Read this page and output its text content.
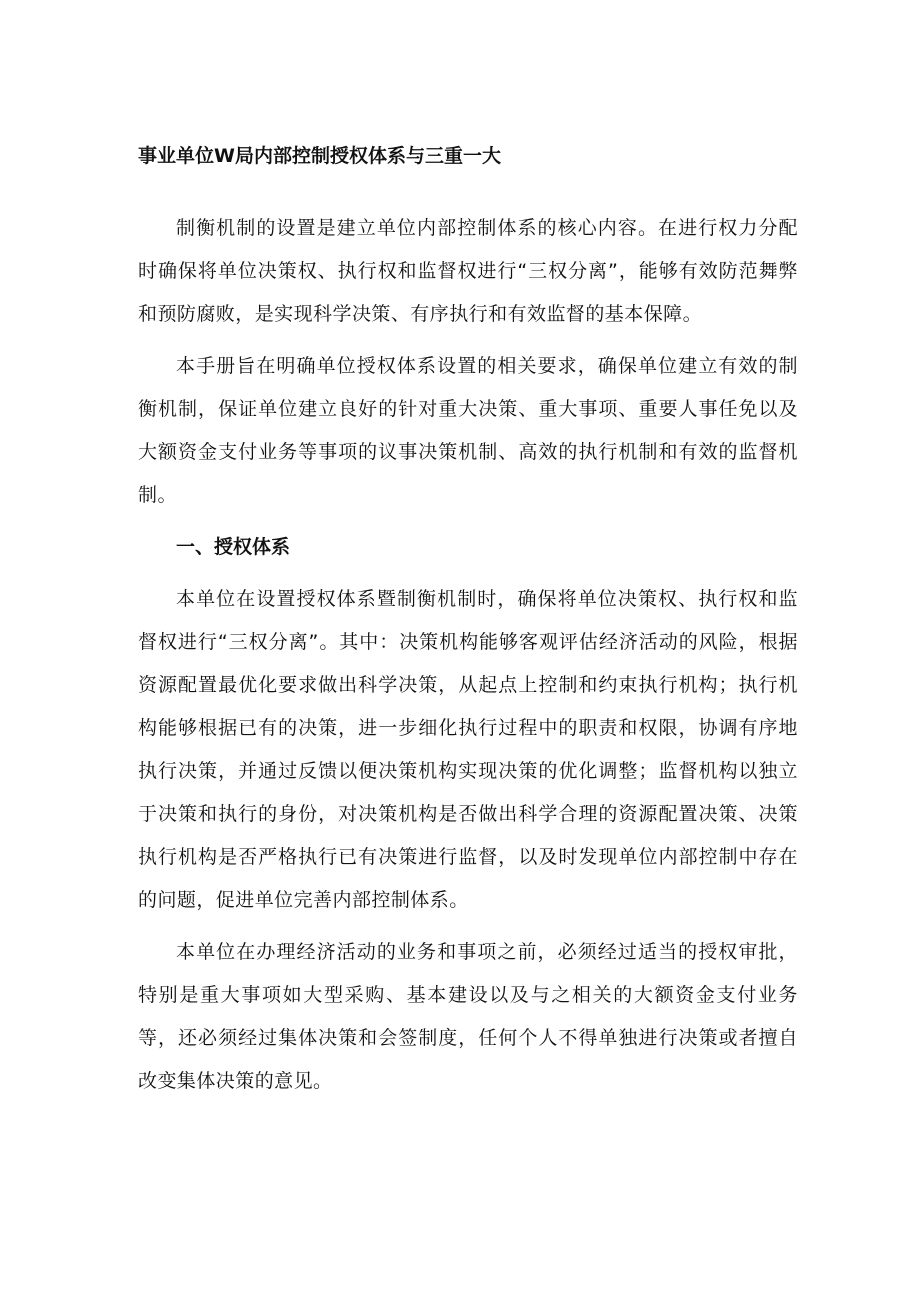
事业单位W局内部控制授权体系与三重一大

制衡机制的设置是建立单位内部控制体系的核心内容。在进行权力分配时确保将单位决策权、执行权和监督权进行“三权分离”，能够有效防范舞弊和预防腐败，是实现科学决策、有序执行和有效监督的基本保障。

本手册旨在明确单位授权体系设置的相关要求，确保单位建立有效的制衡机制，保证单位建立良好的针对重大决策、重大事项、重要人事任免以及大额资金支付业务等事项的议事决策机制、高效的执行机制和有效的监督机制。

一、授权体系

本单位在设置授权体系暨制衡机制时，确保将单位决策权、执行权和监督权进行“三权分离”。其中：决策机构能够客观评估经济活动的风险，根据资源配置最优化要求做出科学决策，从起点上控制和约束执行机构；执行机构能够根据已有的决策，进一步细化执行过程中的职责和权限，协调有序地执行决策，并通过反馈以便决策机构实现决策的优化调整；监督机构以独立于决策和执行的身份，对决策机构是否做出科学合理的资源配置决策、决策执行机构是否严格执行已有决策进行监督，以及时发现单位内部控制中存在的问题，促进单位完善内部控制体系。

本单位在办理经济活动的业务和事项之前，必须经过适当的授权审批，特别是重大事项如大型采购、基本建设以及与之相关的大额资金支付业务等，还必须经过集体决策和会签制度，任何个人不得单独进行决策或者擅自改变集体决策的意见。
